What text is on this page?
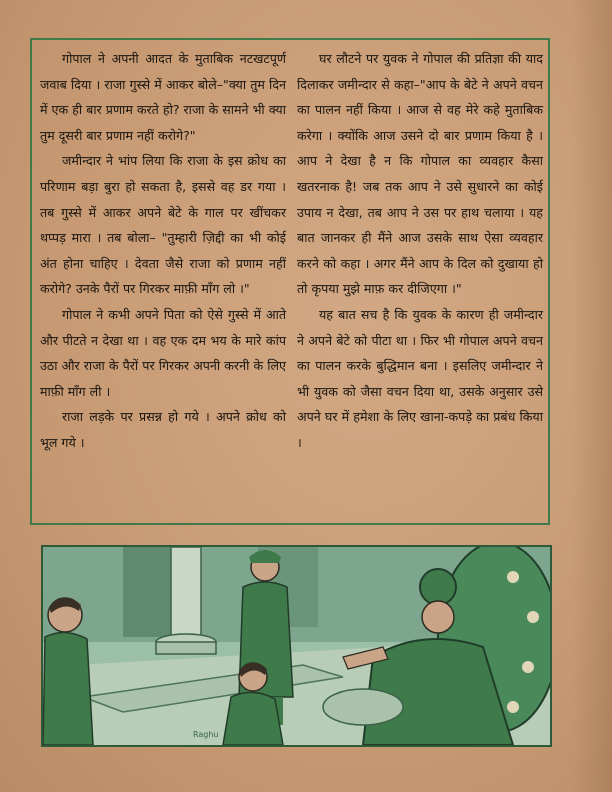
गोपाल ने अपनी आदत के मुताबिक नटखटपूर्ण जवाब दिया । राजा गुस्से में आकर बोले–"क्या तुम दिन में एक ही बार प्रणाम करते हो? राजा के सामने भी क्या तुम दूसरी बार प्रणाम नहीं करोगे?"

जमीन्दार ने भांप लिया कि राजा के इस क्रोध का परिणाम बड़ा बुरा हो सकता है, इससे वह डर गया । तब गुस्से में आकर अपने बेटे के गाल पर खींचकर थप्पड़ मारा । तब बोला– "तुम्हारी ज़िद्दी का भी कोई अंत होना चाहिए । देवता जैसे राजा को प्रणाम नहीं करोगे? उनके पैरों पर गिरकर माफ़ी माँग लो ।"

गोपाल ने कभी अपने पिता को ऐसे गुस्से में आते और पीटते न देखा था । वह एक दम भय के मारे कांप उठा और राजा के पैरों पर गिरकर अपनी करनी के लिए माफ़ी माँग ली ।

राजा लड़के पर प्रसन्न हो गये । अपने क्रोध को भूल गये ।

घर लौटने पर युवक ने गोपाल की प्रतिज्ञा की याद दिलाकर जमीन्दार से कहा–"आप के बेटे ने अपने वचन का पालन नहीं किया । आज से वह मेरे कहे मुताबिक करेगा । क्योंकि आज उसने दो बार प्रणाम किया है । आप ने देखा है न कि गोपाल का व्यवहार कैसा खतरनाक है! जब तक आप ने उसे सुधारने का कोई उपाय न देखा, तब आप ने उस पर हाथ चलाया । यह बात जानकर ही मैंने आज उसके साथ ऐसा व्यवहार करने को कहा । अगर मैंने आप के दिल को दुखाया हो तो कृपया मुझे माफ़ कर दीजिएगा ।"

यह बात सच है कि युवक के कारण ही जमीन्दार ने अपने बेटे को पीटा था । फिर भी गोपाल अपने वचन का पालन करके बुद्धिमान बना । इसलिए जमीन्दार ने भी युवक को जैसा वचन दिया था, उसके अनुसार उसे अपने घर में हमेशा के लिए खाना-कपड़े का प्रबंध किया ।

Raghu
